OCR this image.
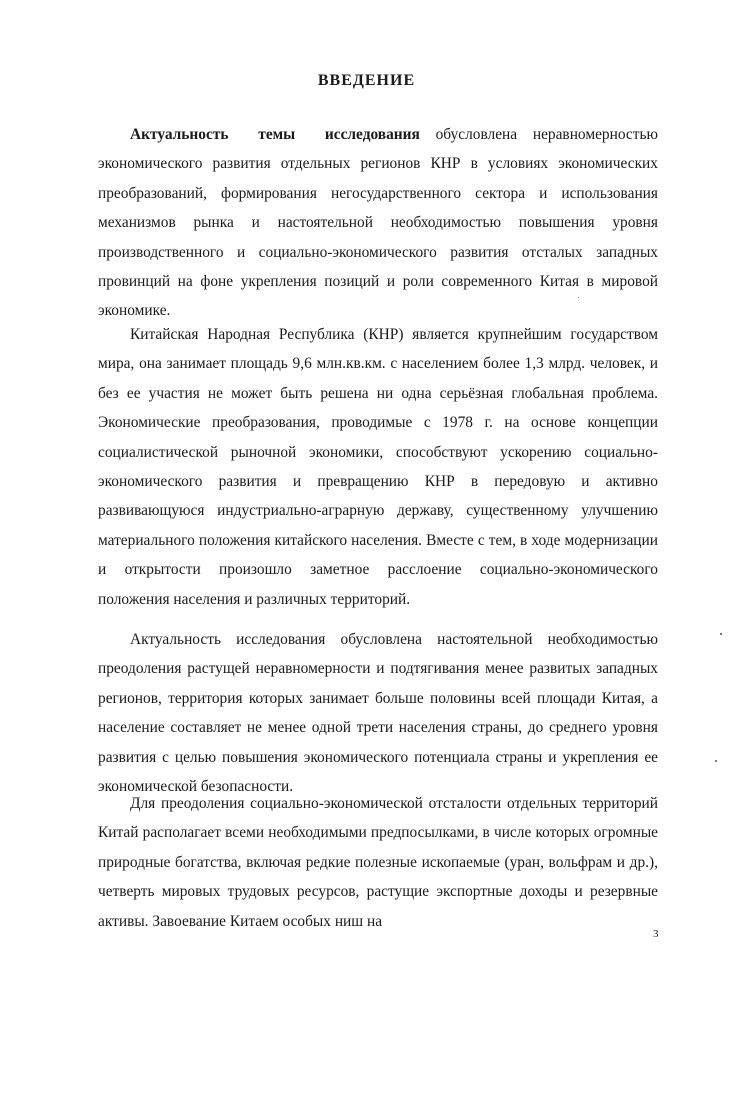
ВВЕДЕНИЕ

Актуальность темы исследования обусловлена неравномерностью экономического развития отдельных регионов КНР в условиях экономических преобразований, формирования негосударственного сектора и использования механизмов рынка и настоятельной необходимостью повышения уровня производственного и социально-экономического развития отсталых западных провинций на фоне укрепления позиций и роли современного Китая в мировой экономике.

Китайская Народная Республика (КНР) является крупнейшим государством мира, она занимает площадь 9,6 млн.кв.км. с населением более 1,3 млрд. человек, и без ее участия не может быть решена ни одна серьёзная глобальная проблема. Экономические преобразования, проводимые с 1978 г. на основе концепции социалистической рыночной экономики, способствуют ускорению социально-экономического развития и превращению КНР в передовую и активно развивающуюся индустриально-аграрную державу, существенному улучшению материального положения китайского населения. Вместе с тем, в ходе модернизации и открытости произошло заметное расслоение социально-экономического положения населения и различных территорий.

Актуальность исследования обусловлена настоятельной необходимостью преодоления растущей неравномерности и подтягивания менее развитых западных регионов, территория которых занимает больше половины всей площади Китая, а население составляет не менее одной трети населения страны, до среднего уровня развития с целью повышения экономического потенциала страны и укрепления ее экономической безопасности.

Для преодоления социально-экономической отсталости отдельных территорий Китай располагает всеми необходимыми предпосылками, в числе которых огромные природные богатства, включая редкие полезные ископаемые (уран, вольфрам и др.), четверть мировых трудовых ресурсов, растущие экспортные доходы и резервные активы. Завоевание Китаем особых ниш на

3
